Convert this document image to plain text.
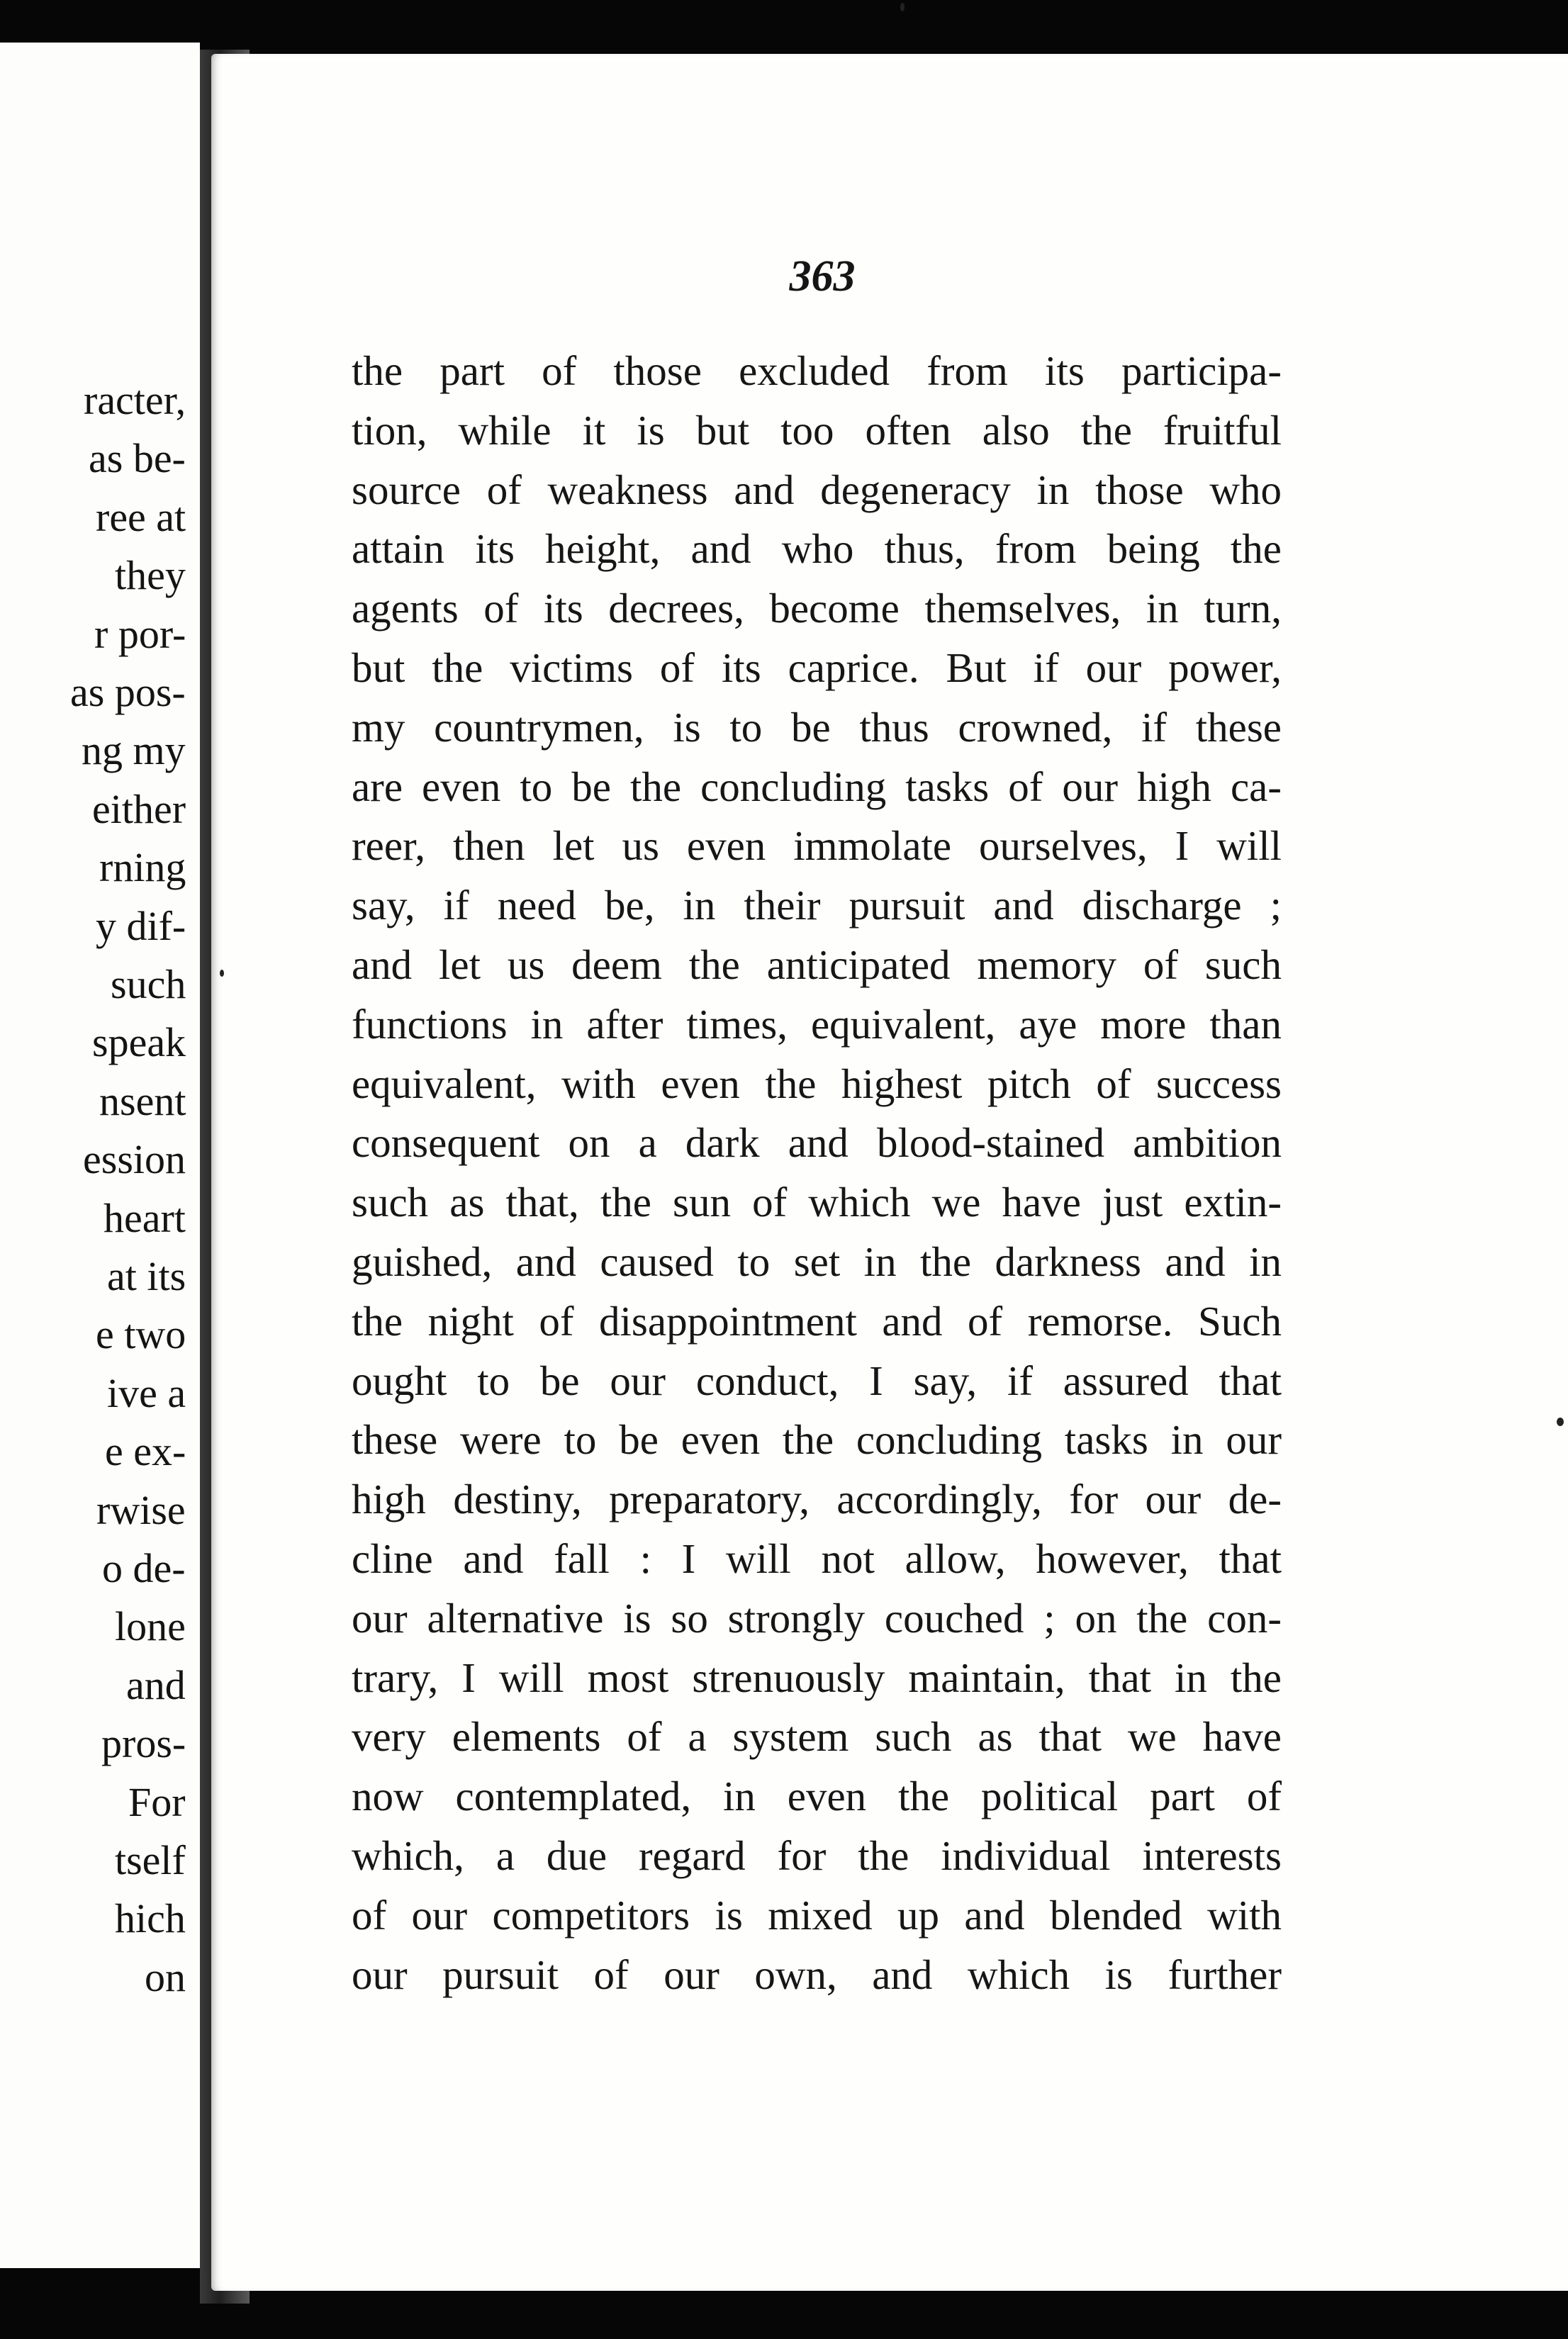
racter,
as be-
ree at
they
r por-
as pos-
ng my
either
rning
y dif-
such
speak
nsent
ession
heart
at its
e two
ive a
e ex-
rwise
o de-
lone
and
pros-
For
tself
hich
on
363
the part of those excluded from its participa-
tion, while it is but too often also the fruitful
source of weakness and degeneracy in those who
attain its height, and who thus, from being the
agents of its decrees, become themselves, in turn,
but the victims of its caprice. But if our power,
my countrymen, is to be thus crowned, if these
are even to be the concluding tasks of our high ca-
reer, then let us even immolate ourselves, I will
say, if need be, in their pursuit and discharge ;
and let us deem the anticipated memory of such
functions in after times, equivalent, aye more than
equivalent, with even the highest pitch of success
consequent on a dark and blood-stained ambition
such as that, the sun of which we have just extin-
guished, and caused to set in the darkness and in
the night of disappointment and of remorse. Such
ought to be our conduct, I say, if assured that
these were to be even the concluding tasks in our
high destiny, preparatory, accordingly, for our de-
cline and fall : I will not allow, however, that
our alternative is so strongly couched ; on the con-
trary, I will most strenuously maintain, that in the
very elements of a system such as that we have
now contemplated, in even the political part of
which, a due regard for the individual interests
of our competitors is mixed up and blended with
our pursuit of our own, and which is further
